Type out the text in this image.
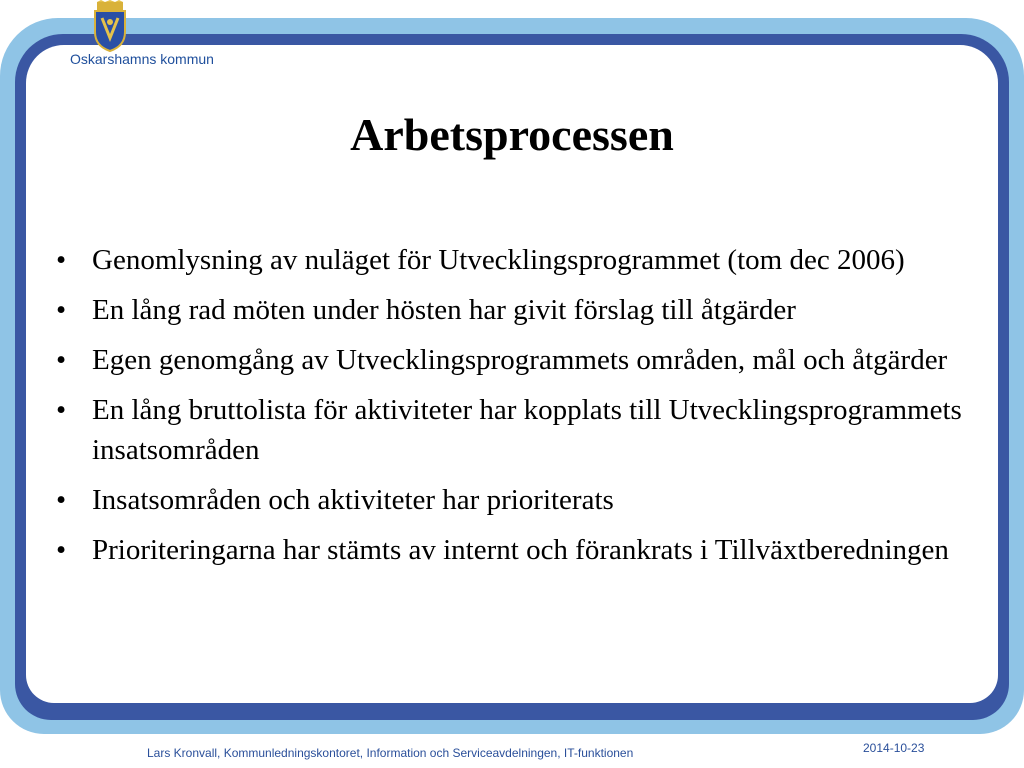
Oskarshamns kommun
Arbetsprocessen
• Genomlysning av nuläget för Utvecklingsprogrammet (tom dec 2006)
• En lång rad möten under hösten har givit förslag till åtgärder
• Egen genomgång av Utvecklingsprogrammets områden, mål och åtgärder
• En lång bruttolista för aktiviteter har kopplats till Utvecklingsprogrammets insatsområden
• Insatsområden och aktiviteter har prioriterats
• Prioriteringarna har stämts av internt och förankrats i Tillväxtberedningen
Lars Kronvall, Kommunledningskontoret, Information och Serviceavdelningen, IT-funktionen	2014-10-23
